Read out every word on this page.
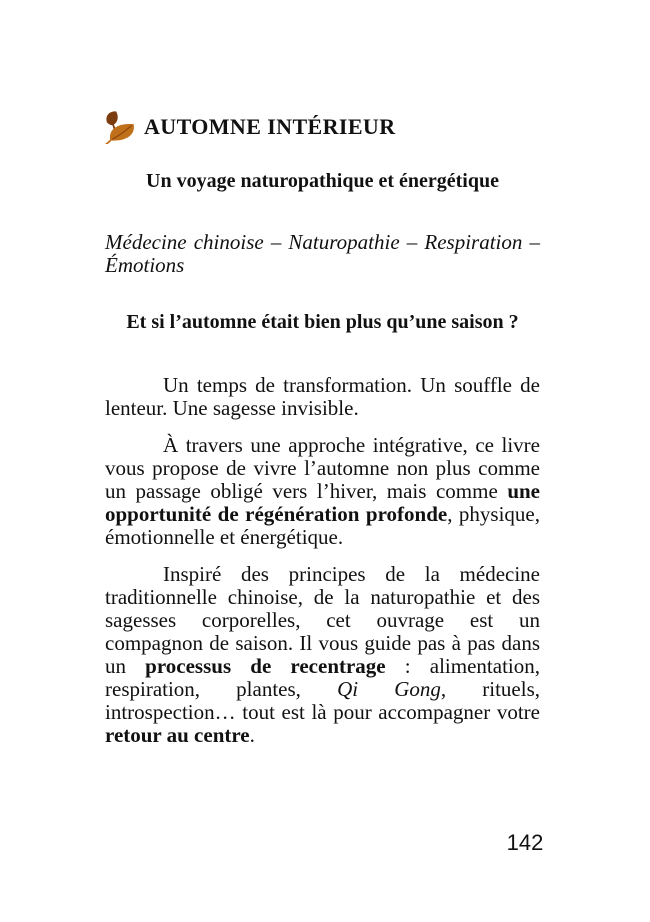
AUTOMNE INTÉRIEUR
Un voyage naturopathique et énergétique
Médecine chinoise – Naturopathie – Respiration – Émotions
Et si l’automne était bien plus qu’une saison ?

Un temps de transformation. Un souffle de lenteur. Une sagesse invisible.

À travers une approche intégrative, ce livre vous propose de vivre l’automne non plus comme un passage obligé vers l’hiver, mais comme une opportunité de régénération profonde, physique, émotionnelle et énergétique.

Inspiré des principes de la médecine traditionnelle chinoise, de la naturopathie et des sagesses corporelles, cet ouvrage est un compagnon de saison. Il vous guide pas à pas dans un processus de recentrage : alimentation, respiration, plantes, Qi Gong, rituels, introspection… tout est là pour accompagner votre retour au centre.

142
